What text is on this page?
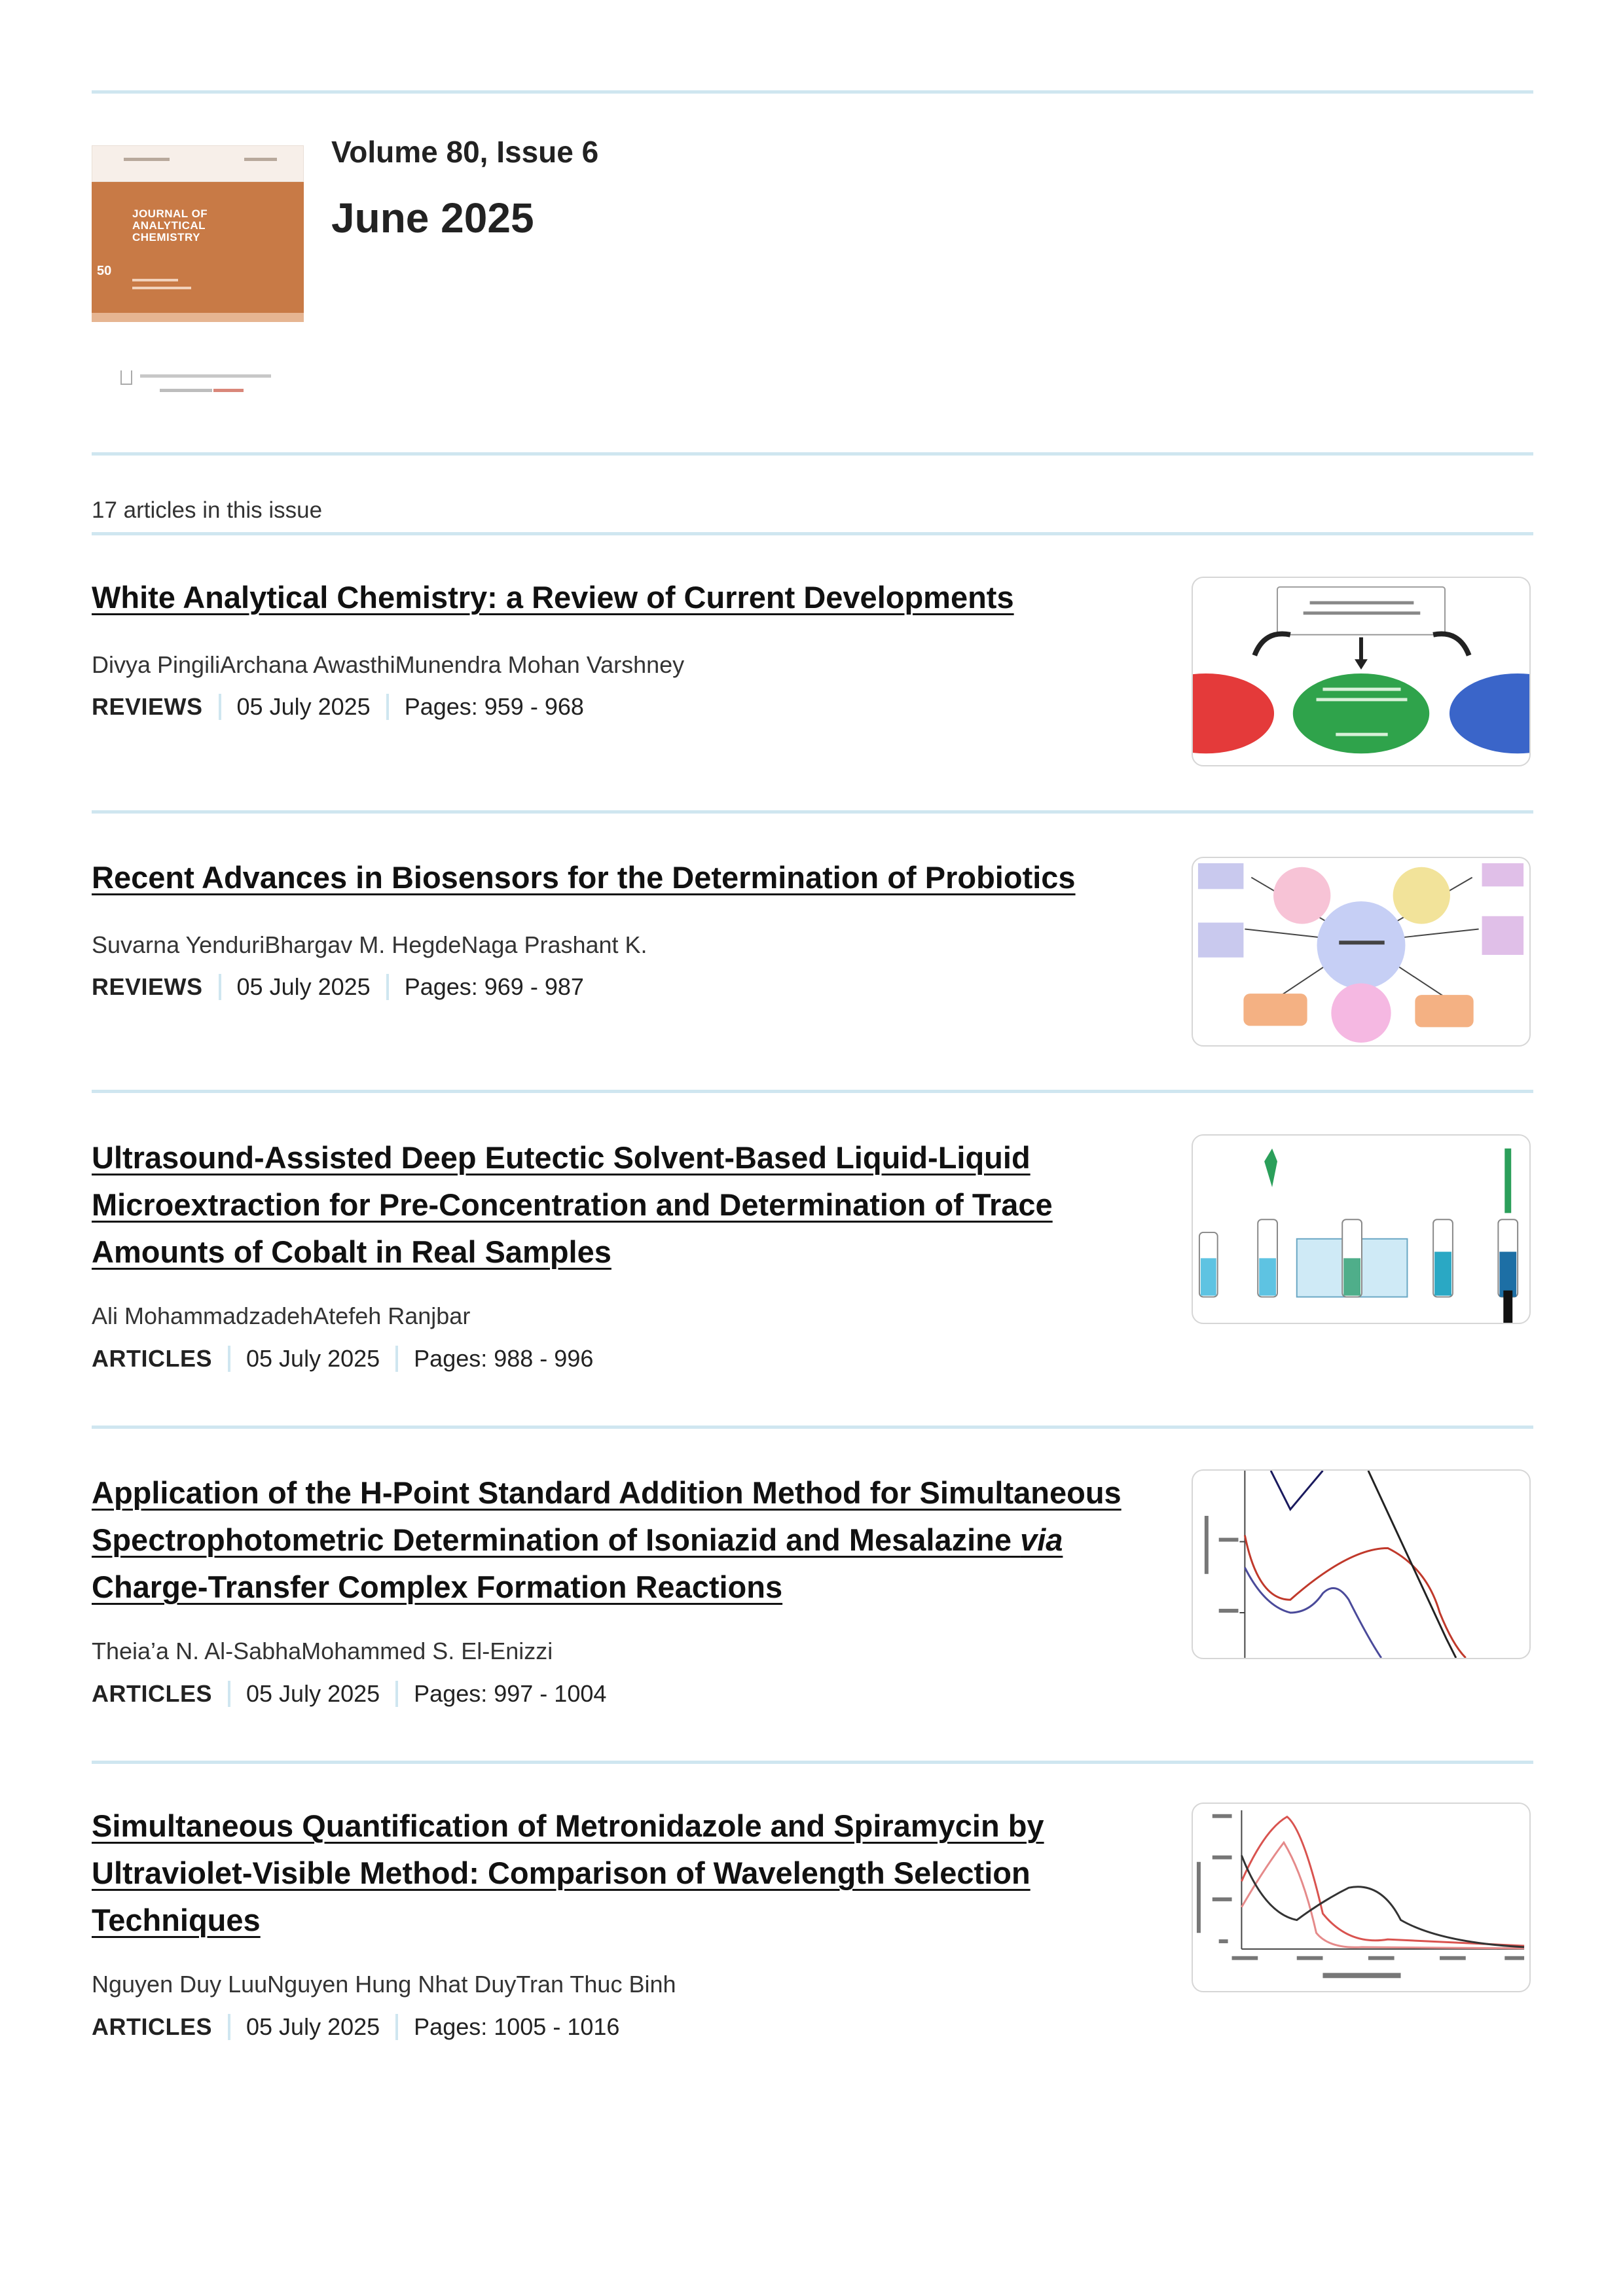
JOURNAL OF ANALYTICAL CHEMISTRY
50
Volume 80, Issue 6
June 2025
17 articles in this issue
White Analytical Chemistry: a Review of Current Developments
Divya PingiliArchana AwasthiMunendra Mohan Varshney
REVIEWS 05 July 2025 Pages: 959 - 968
Recent Advances in Biosensors for the Determination of Probiotics
Suvarna YenduriBhargav M. HegdeNaga Prashant K.
REVIEWS 05 July 2025 Pages: 969 - 987
Ultrasound-Assisted Deep Eutectic Solvent-Based Liquid-Liquid Microextraction for Pre-Concentration and Determination of Trace Amounts of Cobalt in Real Samples
Ali MohammadzadehAtefeh Ranjbar
ARTICLES 05 July 2025 Pages: 988 - 996
Application of the H-Point Standard Addition Method for Simultaneous Spectrophotometric Determination of Isoniazid and Mesalazine via Charge-Transfer Complex Formation Reactions
Theia’a N. Al-SabhaMohammed S. El-Enizzi
ARTICLES 05 July 2025 Pages: 997 - 1004
Simultaneous Quantification of Metronidazole and Spiramycin by Ultraviolet-Visible Method: Comparison of Wavelength Selection Techniques
Nguyen Duy LuuNguyen Hung Nhat DuyTran Thuc Binh
ARTICLES 05 July 2025 Pages: 1005 - 1016
